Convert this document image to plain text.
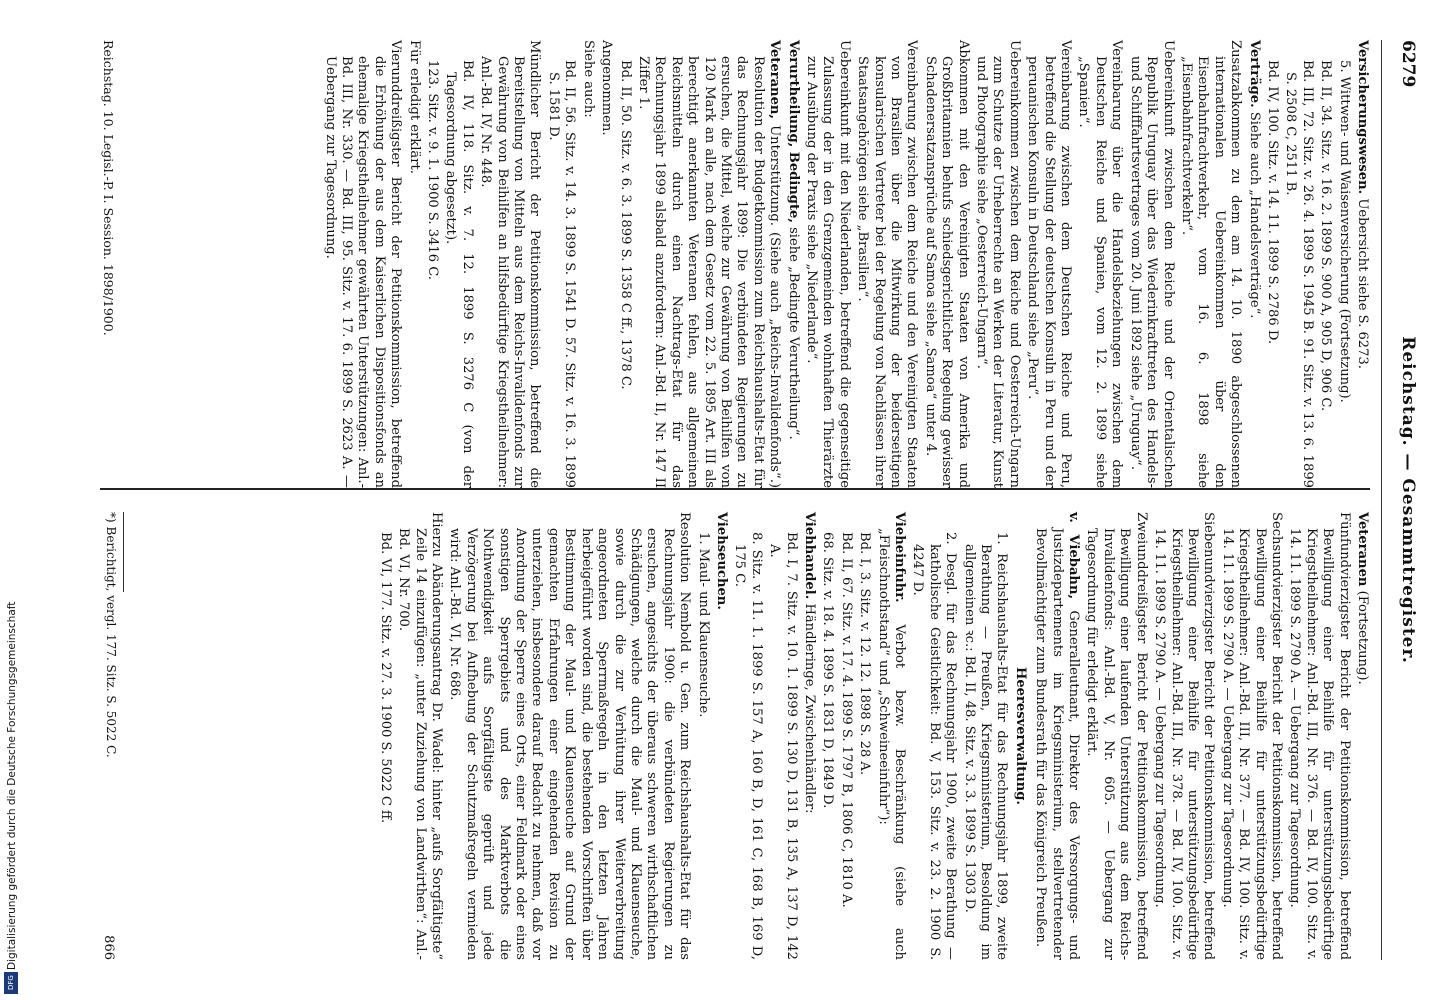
Reichstag. — Gesammtregister.
6279

Versicherungswesen. Uebersicht siehe S. 6273.

5. Wittwen- und Waisenversicherung (Fortsetzung).

Bd. II, 34. Sitz. v. 16. 2. 1899 S. 900 A, 905 D, 906 C.

Bd. III, 72. Sitz. v. 26. 4. 1899 S. 1945 B. 91. Sitz. v. 13. 6. 1899 S. 2508 C, 2511 B.

Bd. IV, 100. Sitz. v. 14. 11. 1899 S. 2786 D.

Verträge. Siehe auch „Handelsverträge“.

Zusatzabkommen zu dem am 14. 10. 1890 abgeschlossenen internationalen Uebereinkommen über den Eisenbahnfrachtverkehr, vom 16. 6. 1898 siehe „Eisenbahnfrachtverkehr“.

Uebereinkunft zwischen dem Reiche und der Orientalischen Republik Uruguay über das Wiederinkrafttreten des Handels- und Schifffahrtsvertrages vom 20. Juni 1892 siehe „Uruguay“.

Vereinbarung über die Handelsbeziehungen zwischen dem Deutschen Reiche und Spanien, vom 12. 2. 1899 siehe „Spanien“.

Vereinbarung zwischen dem Deutschen Reiche und Peru, betreffend die Stellung der deutschen Konsuln in Peru und der peruanischen Konsuln in Deutschland siehe „Peru“.

Uebereinkommen zwischen dem Reiche und Oesterreich-Ungarn zum Schutze der Urheberrechte an Werken der Literatur, Kunst und Photographie siehe „Oesterreich-Ungarn“.

Abkommen mit den Vereinigten Staaten von Amerika und Großbritannien behufs schiedsgerichtlicher Regelung gewisser Schadenersatzansprüche auf Samoa siehe „Samoa“ unter 4.

Vereinbarung zwischen dem Reiche und den Vereinigten Staaten von Brasilien über die Mitwirkung der beiderseitigen konsularischen Vertreter bei der Regelung von Nachlässen ihrer Staatsangehörigen siehe „Brasilien“.

Uebereinkunft mit den Niederlanden, betreffend die gegenseitige Zulassung der in den Grenzgemeinden wohnhaften Thierärzte zur Ausübung der Praxis siehe „Niederlande“.

Verurtheilung, Bedingte, siehe „Bedingte Verurtheilung“.

Veteranen, Unterstützung. (Siehe auch „Reichs-Invalidenfonds“.) Resolution der Budgetkommission zum Reichshaushalts-Etat für das Rechnungsjahr 1899: Die verbündeten Regierungen zu ersuchen, die Mittel, welche zur Gewährung von Beihilfen von 120 Mark an alle, nach dem Gesetz vom 22. 5. 1895 Art. III als berechtigt anerkannten Veteranen fehlen, aus allgemeinen Reichsmitteln durch einen Nachtrags-Etat für das Rechnungsjahr 1899 alsbald anzufordern: Anl.-Bd. II, Nr. 147 II Ziffer 1.

Bd. II, 50. Sitz. v. 6. 3. 1899 S. 1358 C ff., 1378 C.

Angenommen.

Siehe auch:

Bd. II, 56. Sitz. v. 14. 3. 1899 S. 1541 D. 57. Sitz. v. 16. 3. 1899 S. 1581 D.

Mündlicher Bericht der Petitionskommission, betreffend die Bereitstellung von Mitteln aus dem Reichs-Invalidenfonds zur Gewährung von Beihilfen an hilfsbedürftige Kriegstheilnehmer: Anl.-Bd. IV, Nr. 448.

Bd. IV, 118. Sitz. v. 7. 12. 1899 S. 3276 C (von der Tagesordnung abgesetzt).

123. Sitz. v. 9. 1. 1900 S. 3416 C.

Für erledigt erklärt.

Vierunddreißigster Bericht der Petitionskommission, betreffend die Erhöhung der aus dem Kaiserlichen Dispositionsfonds an ehemalige Kriegstheilnehmer gewährten Unterstützungen: Anl.-Bd. III, Nr. 330. — Bd. III, 95. Sitz. v. 17. 6. 1899 S. 2623 A. — Uebergang zur Tagesordnung.

Veteranen (Fortsetzung).

Fünfundvierzigster Bericht der Petitionskommission, betreffend Bewilligung einer Beihilfe für unterstützungsbedürftige Kriegstheilnehmer: Anl.-Bd. III, Nr. 376. — Bd. IV, 100. Sitz. v. 14. 11. 1899 S. 2790 A. — Uebergang zur Tagesordnung.

Sechsundvierzigster Bericht der Petitionskommission, betreffend Bewilligung einer Beihilfe für unterstützungsbedürftige Kriegstheilnehmer: Anl.-Bd. III, Nr. 377. — Bd. IV, 100. Sitz. v. 14. 11. 1899 S. 2790 A. — Uebergang zur Tagesordnung.

Siebenundvierzigster Bericht der Petitionskommission, betreffend Bewilligung einer Beihilfe für unterstützungsbedürftige Kriegstheilnehmer: Anl.-Bd. III, Nr. 378. — Bd. IV, 100. Sitz. v. 14. 11. 1899 S. 2790 A. — Uebergang zur Tagesordnung.

Zweiunddreißigster Bericht der Petitionskommission, betreffend Bewilligung einer laufenden Unterstützung aus dem Reichs-Invalidenfonds: Anl.-Bd. V, Nr. 605. — Uebergang zur Tagesordnung für erledigt erklärt.

v. Viebahn, Generalleutnant, Direktor des Versorgungs- und Justizdepartements im Kriegsministerium, stellvertretender Bevollmächtigter zum Bundesrath für das Königreich Preußen.

Heeresverwaltung.

1. Reichshaushalts-Etat für das Rechnungsjahr 1899, zweite Berathung — Preußen, Kriegsministerium, Besoldung im allgemeinen ꝛc.: Bd. II, 48. Sitz. v. 3. 3. 1899 S. 1303 D.

2. Desgl. für das Rechnungsjahr 1900, zweite Berathung — katholische Geistlichkeit: Bd. V, 153. Sitz. v. 23. 2. 1900 S. 4247 D.

Vieheinfuhr. Verbot bezw. Beschränkung (siehe auch „Fleischnothstand“ und „Schweineeinfuhr“):

Bd. I, 3. Sitz. v. 12. 12. 1898 S. 28 A.

Bd. II, 67. Sitz. v. 17. 4. 1899 S. 1797 B, 1806 C, 1810 A.

68. Sitz. v. 18. 4. 1899 S. 1831 D, 1849 D.

Viehhandel. Händleringe, Zwischenhändler:

Bd. I, 7. Sitz. v. 10. 1. 1899 S. 130 D, 131 B, 135 A, 137 D, 142 A.

8. Sitz. v. 11. 1. 1899 S. 157 A, 160 B, D, 161 C, 168 B, 169 D, 175 C.

Viehseuchen.

1. Maul- und Klauenseuche.

Resolution Nembold u. Gen. zum Reichshaushalts-Etat für das Rechnungsjahr 1900: die verbündeten Regierungen zu ersuchen, angesichts der überaus schweren wirthschaftlichen Schädigungen, welche durch die Maul- und Klauenseuche, sowie durch die zur Verhütung ihrer Weiterverbreitung angeordneten Sperrmaßregeln in den letzten Jahren herbeigeführt worden sind, die bestehenden Vorschriften über Bestimmung der Maul- und Klauenseuche auf Grund der gemachten Erfahrungen einer eingehenden Revision zu unterziehen, insbesondere darauf Bedacht zu nehmen, daß vor Anordnung der Sperre eines Orts, einer Feldmark oder eines sonstigen Sperrgebiets und des Marktverbots die Nothwendigkeit aufs Sorgfältigste geprüft und jede Verzögerung bei Aufhebung der Schutzmaßregeln vermieden wird: Anl.-Bd. VI, Nr. 686.

Hierzu Abänderungsantrag Dr. Wadel: hinter „aufs Sorgfältigste“ Zeile 14 einzufügen: „unter Zuziehung von Landwirthen“: Anl.-Bd. VI, Nr. 700.

Bd. VI, 177. Sitz. v. 27. 3. 1900 S. 5022 C ff.

Reichstag. 10. Legisl.-P. I. Session. 1898/1900.
*) Berichtigt, vergl. 177. Sitz. S. 5022 C.
866
Digitalisierung gefördert durch die Deutsche Forschungsgemeinschaft
DFG
